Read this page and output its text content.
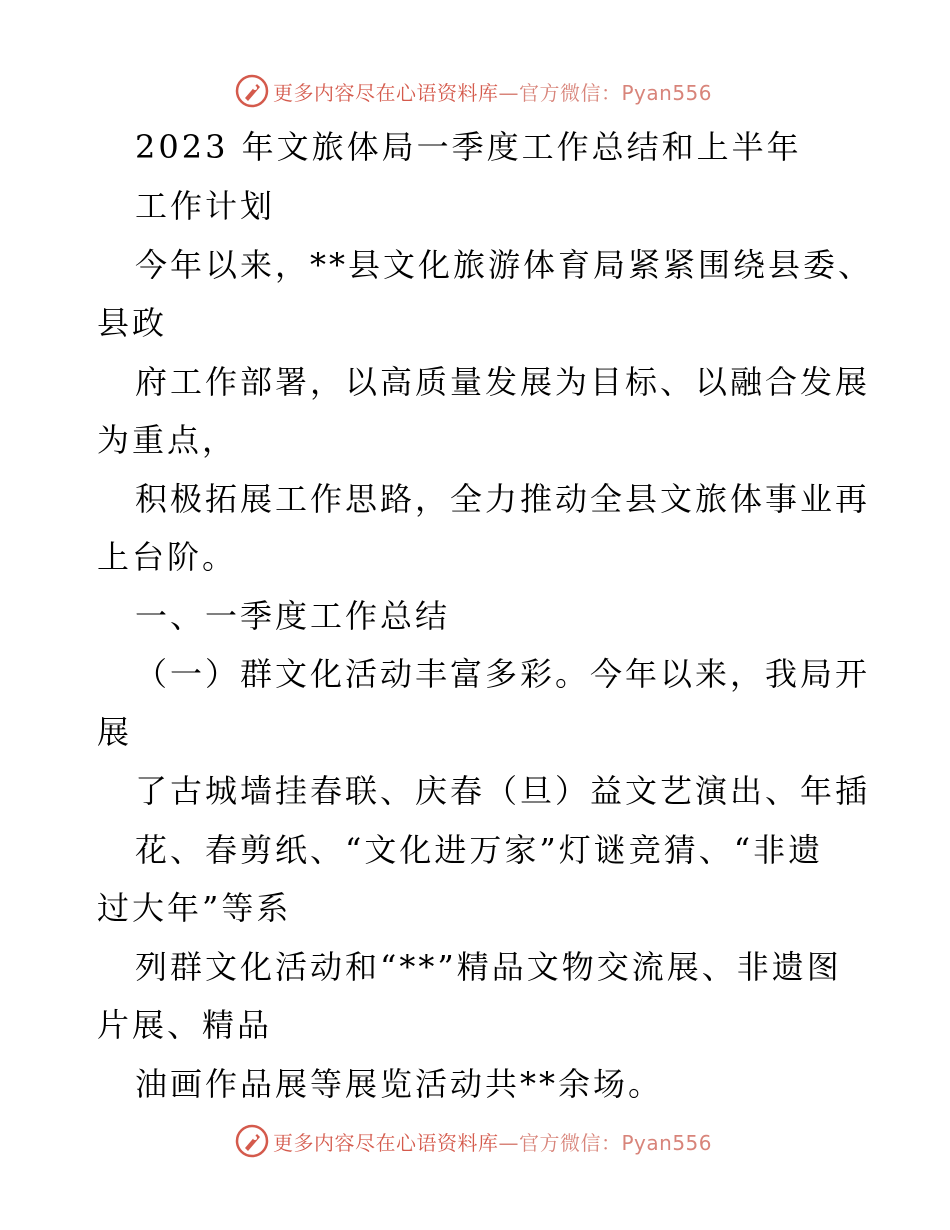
更多内容尽在心语资料库—官方微信：Pyan556
2023 年文旅体局一季度工作总结和上半年
工作计划
今年以来，**县文化旅游体育局紧紧围绕县委、
县政
府工作部署，以高质量发展为目标、以融合发展
为重点，
积极拓展工作思路，全力推动全县文旅体事业再
上台阶。
一、一季度工作总结
（一）群文化活动丰富多彩。今年以来，我局开
展
了古城墙挂春联、庆春（旦）益文艺演出、年插
花、春剪纸、“文化进万家”灯谜竞猜、“非遗
过大年”等系
列群文化活动和“**”精品文物交流展、非遗图
片展、精品
油画作品展等展览活动共**余场。
更多内容尽在心语资料库—官方微信：Pyan556
